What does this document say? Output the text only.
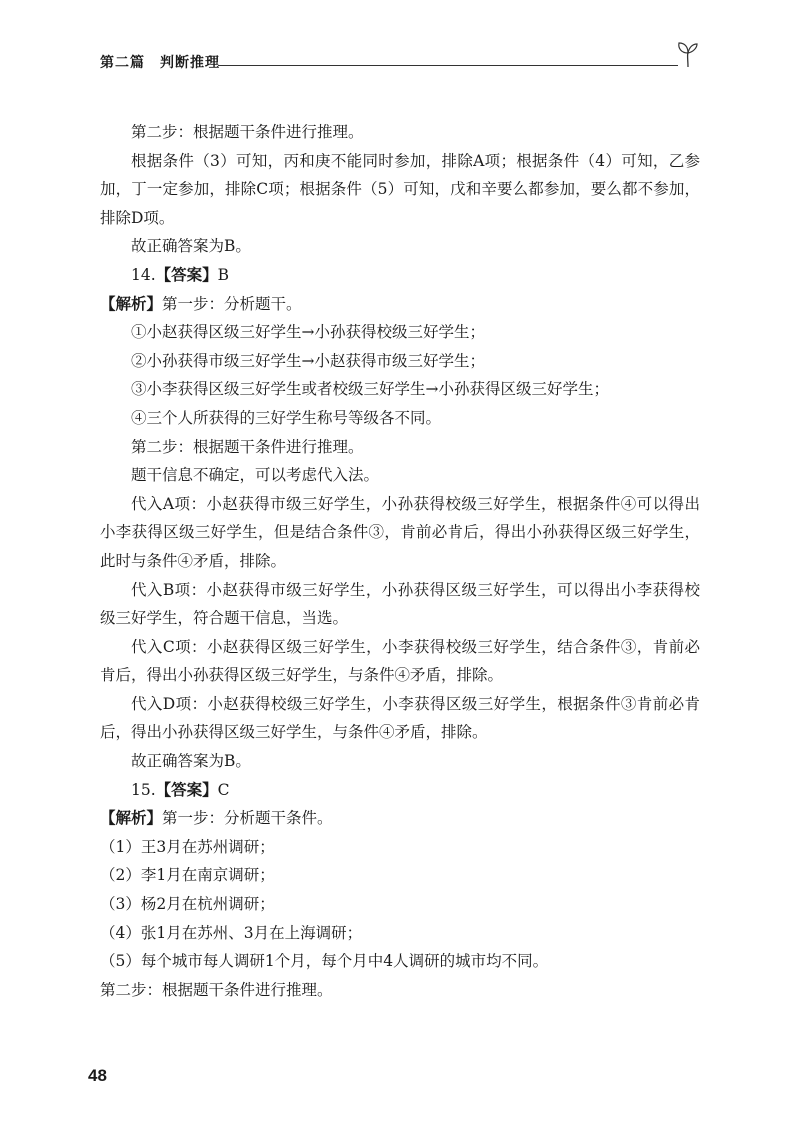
第二篇　判断推理

第二步：根据题干条件进行推理。

根据条件（3）可知，丙和庚不能同时参加，排除A项；根据条件（4）可知，乙参加，丁一定参加，排除C项；根据条件（5）可知，戊和辛要么都参加，要么都不参加，排除D项。

故正确答案为B。

14.【答案】B

【解析】第一步：分析题干。

①小赵获得区级三好学生→小孙获得校级三好学生；

②小孙获得市级三好学生→小赵获得市级三好学生；

③小李获得区级三好学生或者校级三好学生→小孙获得区级三好学生；

④三个人所获得的三好学生称号等级各不同。

第二步：根据题干条件进行推理。

题干信息不确定，可以考虑代入法。

代入A项：小赵获得市级三好学生，小孙获得校级三好学生，根据条件④可以得出小李获得区级三好学生，但是结合条件③，肯前必肯后，得出小孙获得区级三好学生，此时与条件④矛盾，排除。

代入B项：小赵获得市级三好学生，小孙获得区级三好学生，可以得出小李获得校级三好学生，符合题干信息，当选。

代入C项：小赵获得区级三好学生，小李获得校级三好学生，结合条件③，肯前必肯后，得出小孙获得区级三好学生，与条件④矛盾，排除。

代入D项：小赵获得校级三好学生，小李获得区级三好学生，根据条件③肯前必肯后，得出小孙获得区级三好学生，与条件④矛盾，排除。

故正确答案为B。

15.【答案】C

【解析】第一步：分析题干条件。

（1）王3月在苏州调研；

（2）李1月在南京调研；

（3）杨2月在杭州调研；

（4）张1月在苏州、3月在上海调研；

（5）每个城市每人调研1个月，每个月中4人调研的城市均不同。

第二步：根据题干条件进行推理。

48
